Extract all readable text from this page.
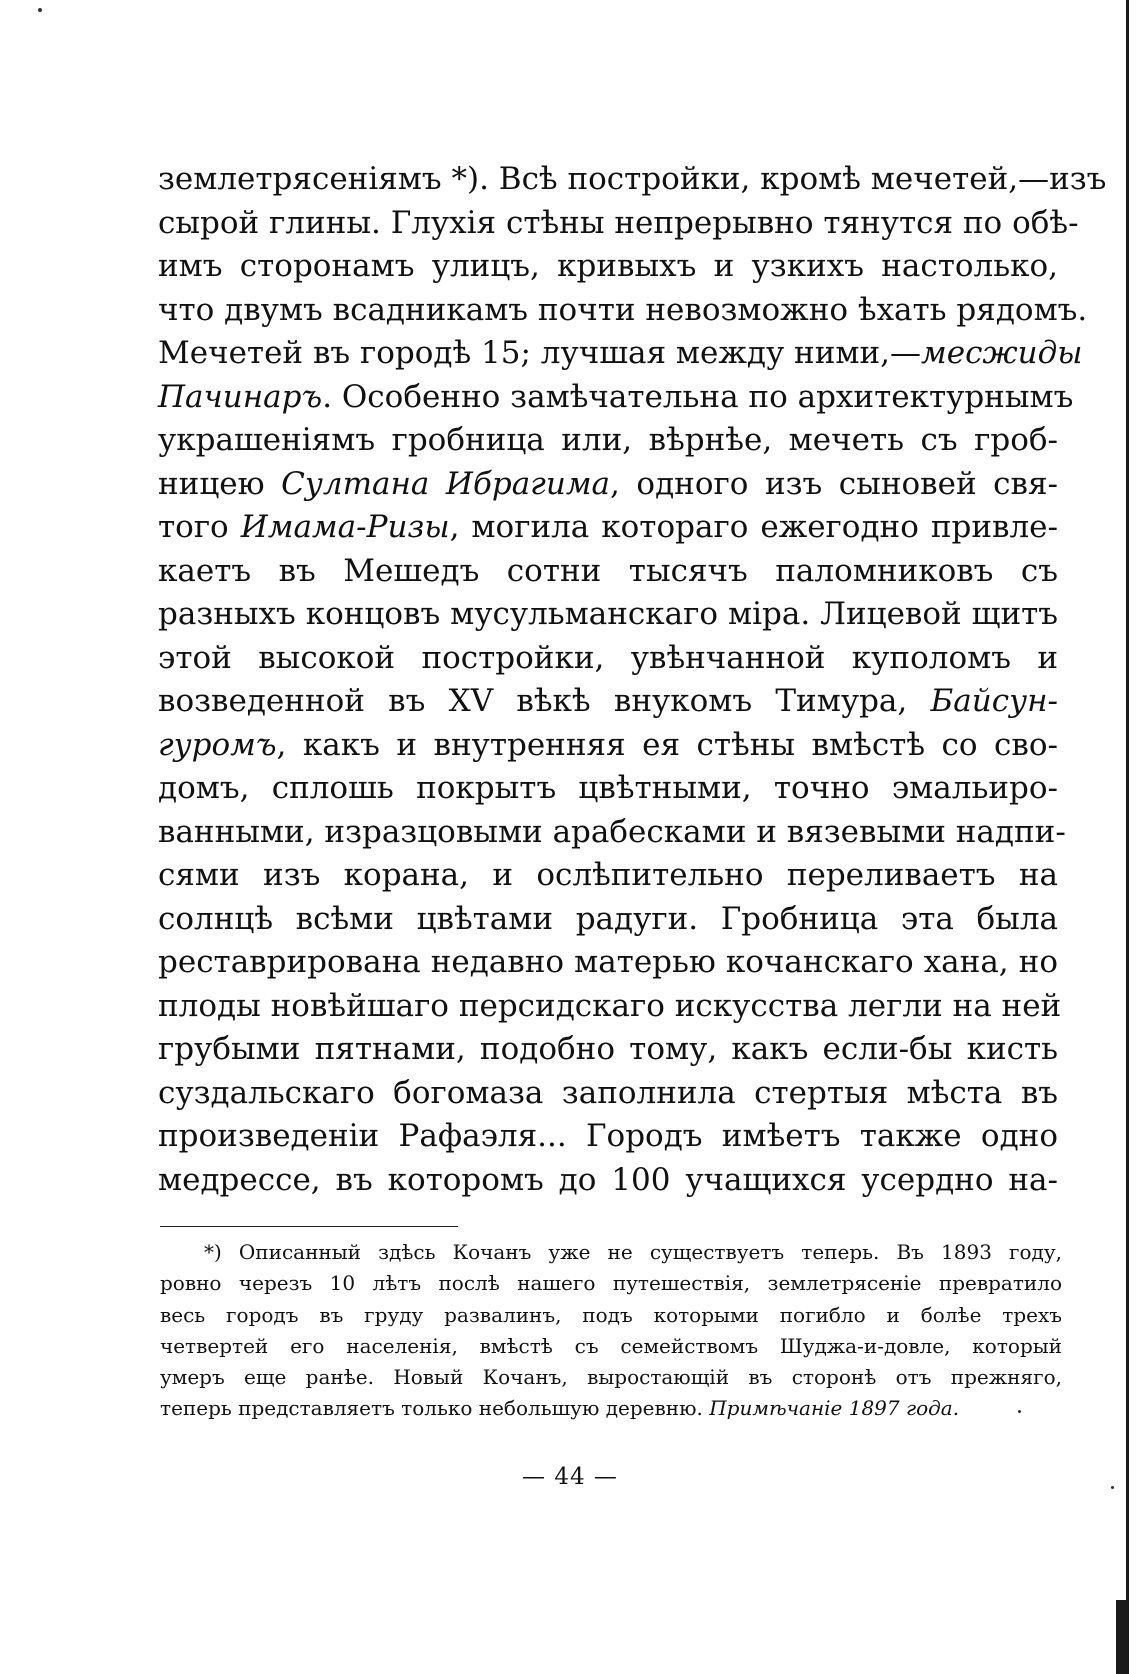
землетрясеніямъ *). Всѣ постройки, кромѣ мечетей,—изъ
сырой глины. Глухія стѣны непрерывно тянутся по обѣ-
имъ сторонамъ улицъ, кривыхъ и узкихъ настолько,
что двумъ всадникамъ почти невозможно ѣхать рядомъ.
Мечетей въ городѣ 15; лучшая между ними,—месжиды
Пачинаръ. Особенно замѣчательна по архитектурнымъ
украшеніямъ гробница или, вѣрнѣе, мечеть съ гроб-
ницею Султана Ибрагима, одного изъ сыновей свя-
того Имама-Ризы, могила котораго ежегодно привле-
каетъ въ Мешедъ сотни тысячъ паломниковъ съ
разныхъ концовъ мусульманскаго міра. Лицевой щитъ
этой высокой постройки, увѣнчанной куполомъ и
возведенной въ XV вѣкѣ внукомъ Тимура, Байсун-
гуромъ, какъ и внутренняя ея стѣны вмѣстѣ со сво-
домъ, сплошь покрытъ цвѣтными, точно эмальиро-
ванными, изразцовыми арабесками и вязевыми надпи-
сями изъ корана, и ослѣпительно переливаетъ на
солнцѣ всѣми цвѣтами радуги. Гробница эта была
реставрирована недавно матерью кочанскаго хана, но
плоды новѣйшаго персидскаго искусства легли на ней
грубыми пятнами, подобно тому, какъ если-бы кисть
суздальскаго богомаза заполнила стертыя мѣста въ
произведеніи Рафаэля... Городъ имѣетъ также одно
медрессе, въ которомъ до 100 учащихся усердно на-
*) Описанный здѣсь Кочанъ уже не существуетъ теперь. Въ 1893 году,
ровно черезъ 10 лѣтъ послѣ нашего путешествія, землетрясеніе превратило
весь городъ въ груду развалинъ, подъ которыми погибло и болѣе трехъ
четвертей его населенія, вмѣстѣ съ семействомъ Шуджа-и-довле, который
умеръ еще ранѣе. Новый Кочанъ, выростающій въ сторонѣ отъ прежняго,
теперь представляетъ только небольшую деревню. Примѣчаніе 1897 года.
— 44 —
